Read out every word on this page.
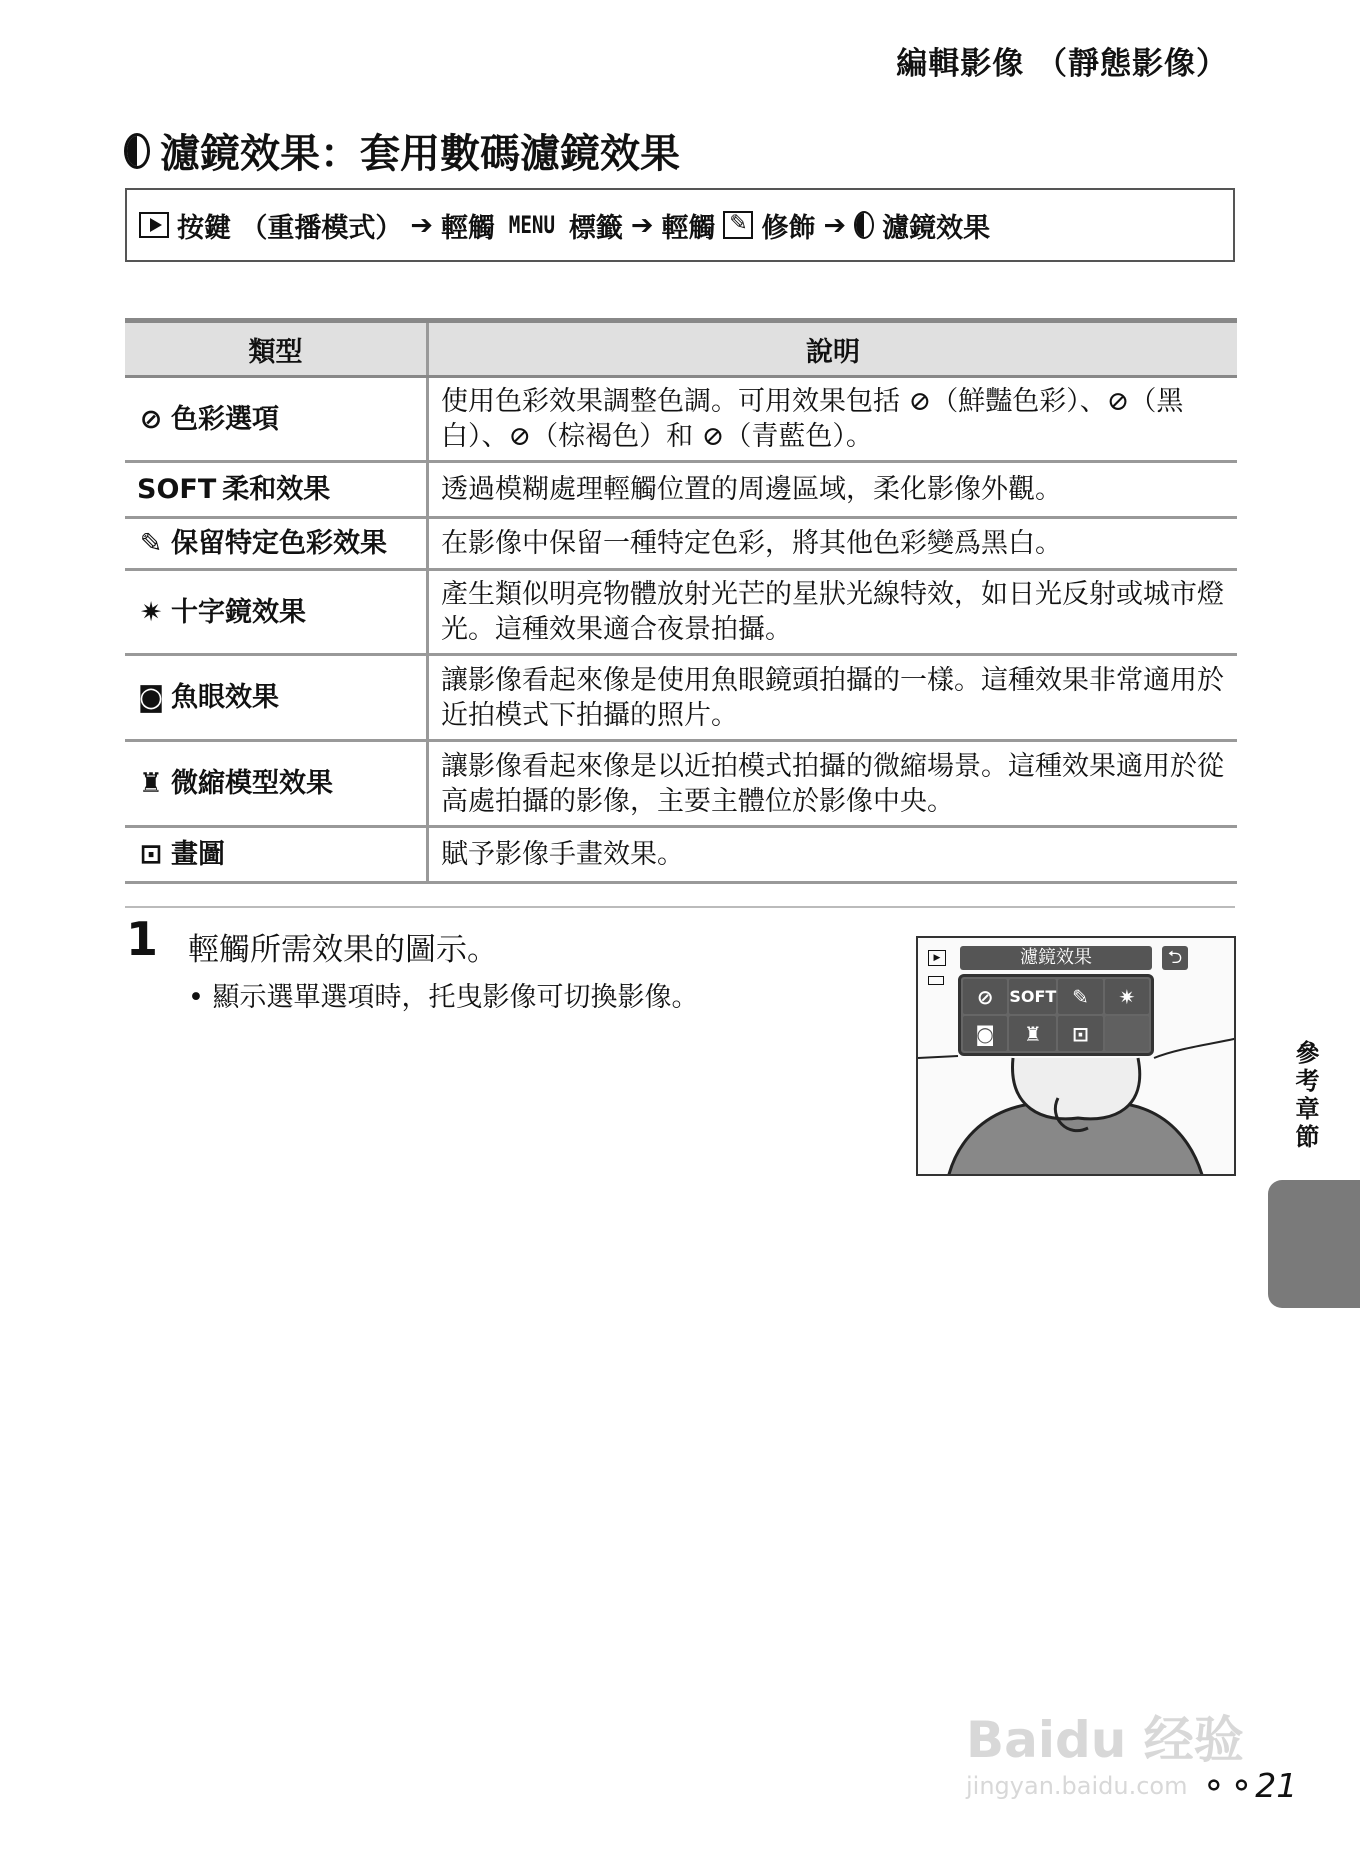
編輯影像 （靜態影像）
濾鏡效果：套用數碼濾鏡效果
按鍵 （重播模式） ➔ 輕觸 MENU 標籤 ➔ 輕觸 ✎ 修飾 ➔ 濾鏡效果
類型	說明
⊘ 色彩選項	使用色彩效果調整色調。可用效果包括 ⊘（鮮豔色彩）、⊘（黑白）、⊘（棕褐色）和 ⊘（青藍色）。
SOFT 柔和效果	透過模糊處理輕觸位置的周邊區域，柔化影像外觀。
✎ 保留特定色彩效果	在影像中保留一種特定色彩，將其他色彩變爲黑白。
✷ 十字鏡效果	產生類似明亮物體放射光芒的星狀光線特效，如日光反射或城市燈光。這種效果適合夜景拍攝。
◙ 魚眼效果	讓影像看起來像是使用魚眼鏡頭拍攝的一樣。這種效果非常適用於近拍模式下拍攝的照片。
♜ 微縮模型效果	讓影像看起來像是以近拍模式拍攝的微縮場景。這種效果適用於從高處拍攝的影像，主要主體位於影像中央。
⊡ 畫圖	賦予影像手畫效果。
1 輕觸所需效果的圖示。
• 顯示選單選項時，托曳影像可切換影像。
▶	濾鏡效果	⮌
⊘ SOFT ✎	✷
◙	♜	⊡
參考章節
Baidu 经验
jingyan.baidu.com ⚬⚬21
